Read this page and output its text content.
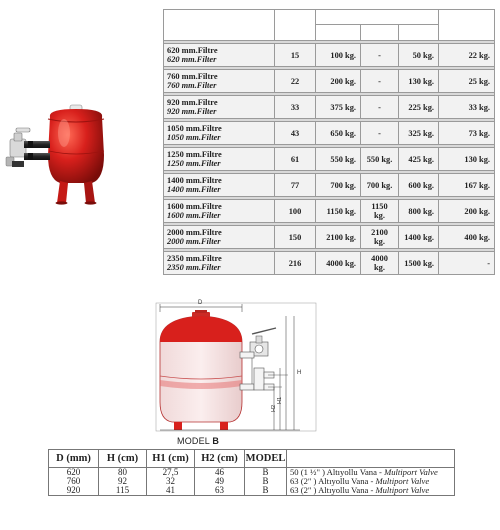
620 mm.Filtre
620 mm.Filter	15	100 kg.	-	50 kg.	22 kg.

760 mm.Filtre
760 mm.Filter	22	200 kg.	-	130 kg.	25 kg.

920 mm.Filtre
920 mm.Filter	33	375 kg.	-	225 kg.	33 kg.

1050 mm.Filtre
1050 mm.Filter	43	650 kg.	-	325 kg.	73 kg.

1250 mm.Filtre
1250 mm.Filter	61	550 kg.	550 kg.	425 kg.	130 kg.

1400 mm.Filtre
1400 mm.Filter	77	700 kg.	700 kg.	600 kg.	167 kg.

1600 mm.Filtre
1600 mm.Filter	100	1150 kg.	1150 kg.	800 kg.	200 kg.

2000 mm.Filtre
2000 mm.Filter	150	2100 kg.	2100 kg.	1400 kg.	400 kg.

2350 mm.Filtre
2350 mm.Filter	216	4000 kg.	4000 kg.	1500 kg.	-
D
H
H1
H2
MODEL B
D (mm)	H (cm)	H1 (cm)	H2 (cm)	MODEL	
620	80	27,5	46	B	50 (1 ½" ) Altıyollu Vana - Multiport Valve
760	92	32	49	B	63 (2" ) Altıyollu Vana - Multiport Valve
920	115	41	63	B	63 (2" ) Altıyollu Vana - Multiport Valve
